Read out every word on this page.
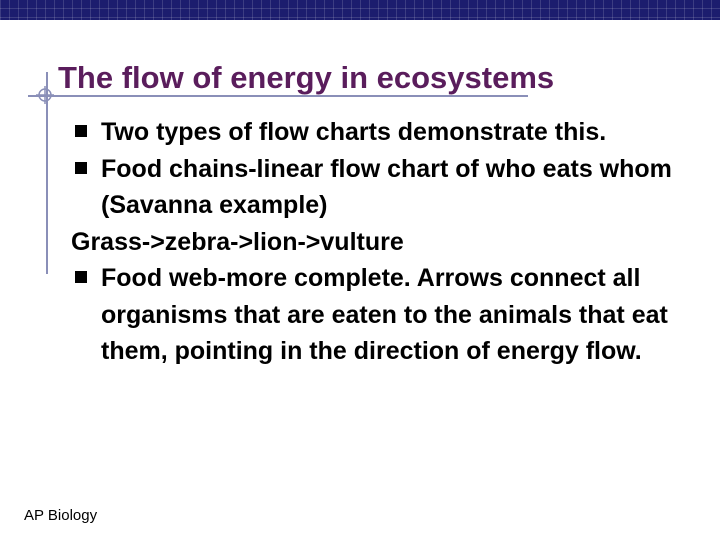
The flow of energy in ecosystems
Two types of flow charts demonstrate this.
Food chains-linear flow chart of who eats whom (Savanna example)
Grass->zebra->lion->vulture
Food web-more complete. Arrows connect all organisms that are eaten to the animals that eat them, pointing in the direction of energy flow.
AP Biology
